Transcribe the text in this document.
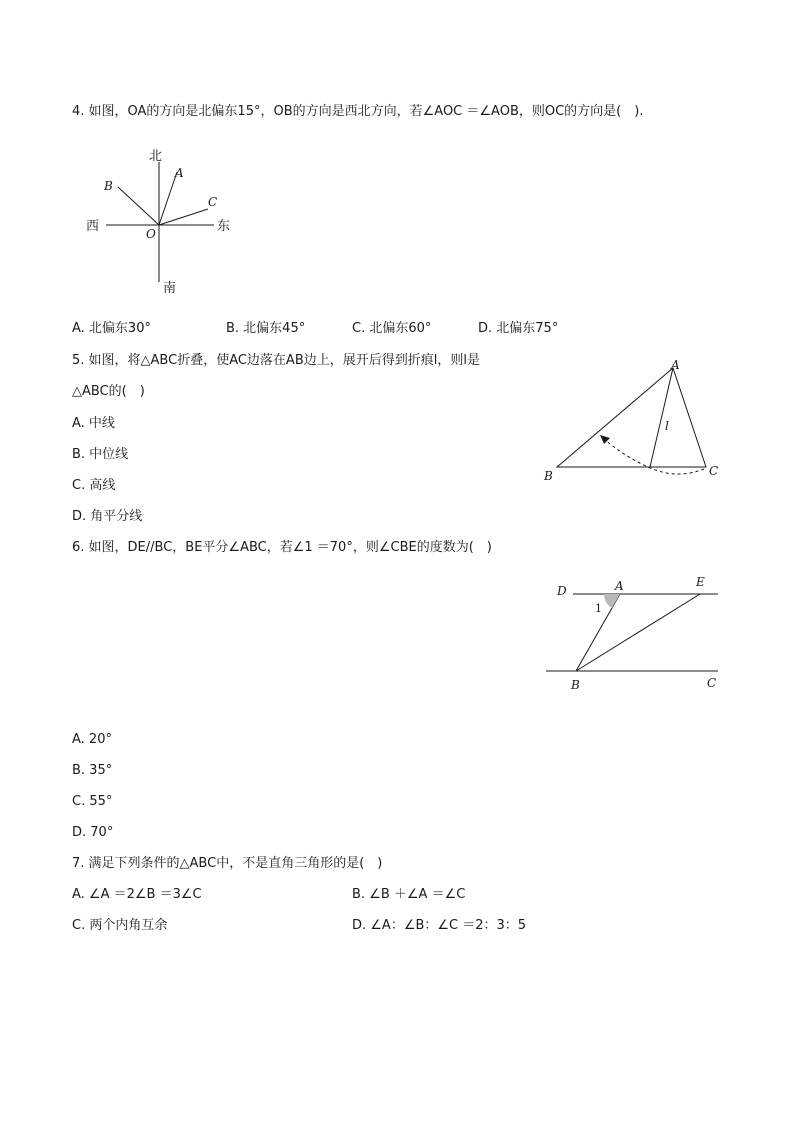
4. 如图，OA的方向是北偏东15°，OB的方向是西北方向，若∠AOC ＝∠AOB，则OC的方向是(　).
北
南
西	东
A
B
C
O
A. 北偏东30°	B. 北偏东45°	C. 北偏东60°	D. 北偏东75°
5. 如图，将△ABC折叠，使AC边落在AB边上，展开后得到折痕l，则l是
△ABC的(　)
A
B	C
l
A. 中线
B. 中位线
C. 高线
D. 角平分线
6. 如图，DE//BC，BE平分∠ABC，若∠1 ＝70°，则∠CBE的度数为(　)
D	A	E
B	C
1
A. 20°
B. 35°
C. 55°
D. 70°
7. 满足下列条件的△ABC中，不是直角三角形的是(　)
A. ∠A ＝2∠B ＝3∠C	B. ∠B ＋∠A ＝∠C
C. 两个内角互余	D. ∠A：∠B：∠C ＝2：3：5
